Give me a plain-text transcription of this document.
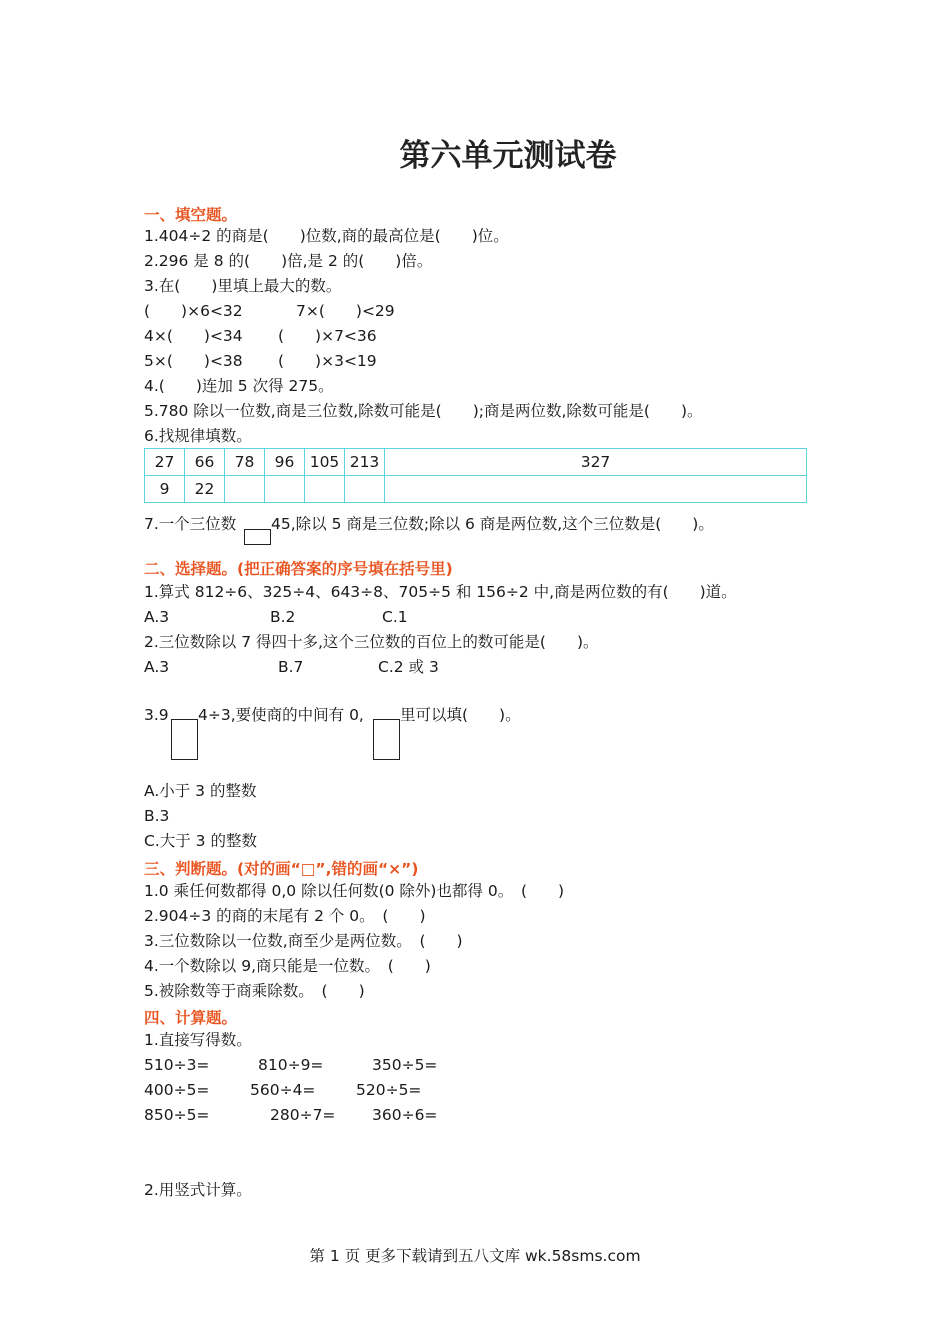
第六单元测试卷
一、填空题。
1.404÷2 的商是(　　)位数,商的最高位是(　　)位。
2.296 是 8 的(　　)倍,是 2 的(　　)倍。
3.在(　　)里填上最大的数。
(　　)×6<32	7×(　　)<29
4×(　　)<34 (　　)×7<36
5×(　　)<38 (　　)×3<19
4.(　　)连加 5 次得 275。
5.780 除以一位数,商是三位数,除数可能是(　　);商是两位数,除数可能是(　　)。
6.找规律填数。
27	66	78	96	105	213	327
9	22					
7.一个三位数 45,除以 5 商是三位数;除以 6 商是两位数,这个三位数是(　　)。
二、选择题。(把正确答案的序号填在括号里)
1.算式 812÷6、325÷4、643÷8、705÷5 和 156÷2 中,商是两位数的有(　　)道。
A.3	B.2	C.1
2.三位数除以 7 得四十多,这个三位数的百位上的数可能是(　　)。
A.3	B.7	C.2 或 3
3.9 4÷3,要使商的中间有 0, 里可以填(　　)。
A.小于 3 的整数
B.3
C.大于 3 的整数
三、判断题。(对的画“□”,错的画“×”)
1.0 乘任何数都得 0,0 除以任何数(0 除外)也都得 0。　(　　)
2.904÷3 的商的末尾有 2 个 0。　(　　)
3.三位数除以一位数,商至少是两位数。　(　　)
4.一个数除以 9,商只能是一位数。　(　　)
5.被除数等于商乘除数。　(　　)
四、计算题。
1.直接写得数。
510÷3=	810÷9=	350÷5=
400÷5=	560÷4=	520÷5=
850÷5=	280÷7= 360÷6=
2.用竖式计算。
第 1 页 更多下载请到五八文库 wk.58sms.com
